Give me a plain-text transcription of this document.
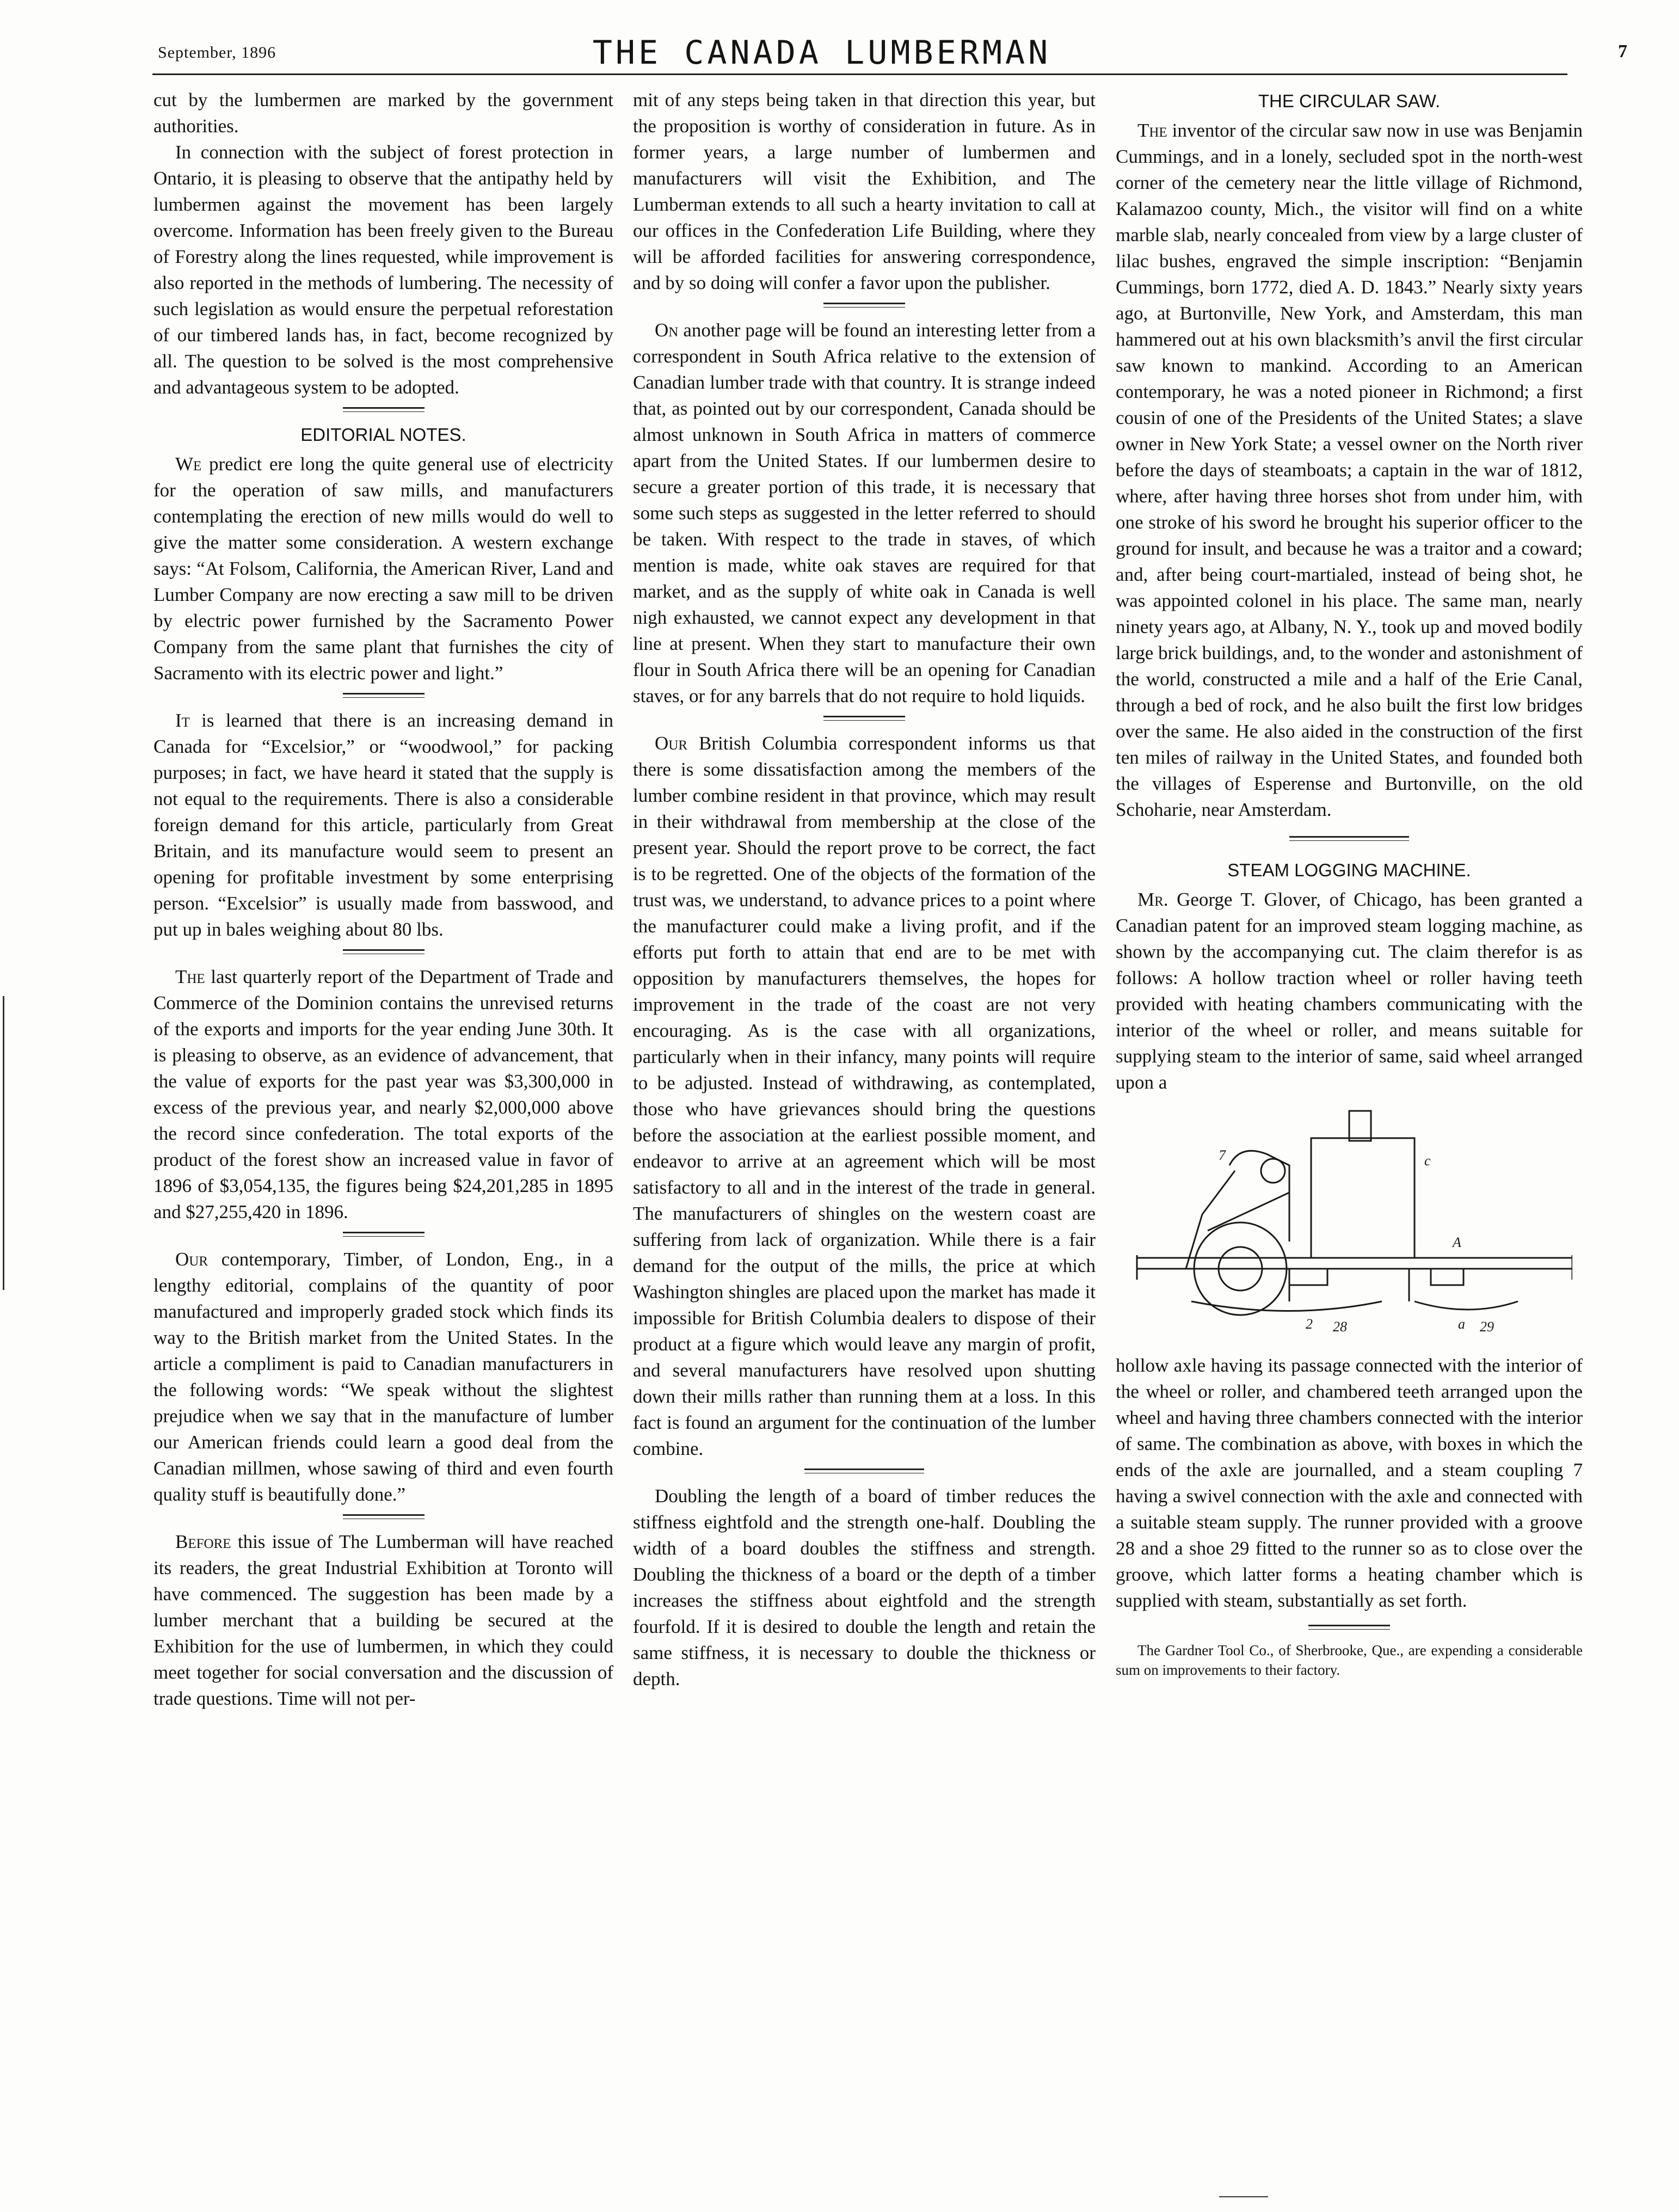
September, 1896	THE CANADA LUMBERMAN	7

cut by the lumbermen are marked by the government authorities.

In connection with the subject of forest protection in Ontario, it is pleasing to observe that the antipathy held by lumbermen against the movement has been largely overcome. Information has been freely given to the Bureau of Forestry along the lines requested, while improvement is also reported in the methods of lumbering. The necessity of such legislation as would ensure the perpetual reforestation of our timbered lands has, in fact, become recognized by all. The question to be solved is the most comprehensive and advantageous system to be adopted.

EDITORIAL NOTES.

We predict ere long the quite general use of electricity for the operation of saw mills, and manufacturers contemplating the erection of new mills would do well to give the matter some consideration. A western exchange says: “At Folsom, California, the American River, Land and Lumber Company are now erecting a saw mill to be driven by electric power furnished by the Sacramento Power Company from the same plant that furnishes the city of Sacramento with its electric power and light.”

It is learned that there is an increasing demand in Canada for “Excelsior,” or “woodwool,” for packing purposes; in fact, we have heard it stated that the supply is not equal to the requirements. There is also a considerable foreign demand for this article, particularly from Great Britain, and its manufacture would seem to present an opening for profitable investment by some enterprising person. “Excelsior” is usually made from basswood, and put up in bales weighing about 80 lbs.

The last quarterly report of the Department of Trade and Commerce of the Dominion contains the unrevised returns of the exports and imports for the year ending June 30th. It is pleasing to observe, as an evidence of advancement, that the value of exports for the past year was $3,300,000 in excess of the previous year, and nearly $2,000,000 above the record since confederation. The total exports of the product of the forest show an increased value in favor of 1896 of $3,054,135, the figures being $24,201,285 in 1895 and $27,255,420 in 1896.

Our contemporary, Timber, of London, Eng., in a lengthy editorial, complains of the quantity of poor manufactured and improperly graded stock which finds its way to the British market from the United States. In the article a compliment is paid to Canadian manufacturers in the following words: “We speak without the slightest prejudice when we say that in the manufacture of lumber our American friends could learn a good deal from the Canadian millmen, whose sawing of third and even fourth quality stuff is beautifully done.”

Before this issue of The Lumberman will have reached its readers, the great Industrial Exhibition at Toronto will have commenced. The suggestion has been made by a lumber merchant that a building be secured at the Exhibition for the use of lumbermen, in which they could meet together for social conversation and the discussion of trade questions. Time will not per-

mit of any steps being taken in that direction this year, but the proposition is worthy of consideration in future. As in former years, a large number of lumbermen and manufacturers will visit the Exhibition, and The Lumberman extends to all such a hearty invitation to call at our offices in the Confederation Life Building, where they will be afforded facilities for answering correspondence, and by so doing will confer a favor upon the publisher.

On another page will be found an interesting letter from a correspondent in South Africa relative to the extension of Canadian lumber trade with that country. It is strange indeed that, as pointed out by our correspondent, Canada should be almost unknown in South Africa in matters of commerce apart from the United States. If our lumbermen desire to secure a greater portion of this trade, it is necessary that some such steps as suggested in the letter referred to should be taken. With respect to the trade in staves, of which mention is made, white oak staves are required for that market, and as the supply of white oak in Canada is well nigh exhausted, we cannot expect any development in that line at present. When they start to manufacture their own flour in South Africa there will be an opening for Canadian staves, or for any barrels that do not require to hold liquids.

Our British Columbia correspondent informs us that there is some dissatisfaction among the members of the lumber combine resident in that province, which may result in their withdrawal from membership at the close of the present year. Should the report prove to be correct, the fact is to be regretted. One of the objects of the formation of the trust was, we understand, to advance prices to a point where the manufacturer could make a living profit, and if the efforts put forth to attain that end are to be met with opposition by manufacturers themselves, the hopes for improvement in the trade of the coast are not very encouraging. As is the case with all organizations, particularly when in their infancy, many points will require to be adjusted. Instead of withdrawing, as contemplated, those who have grievances should bring the questions before the association at the earliest possible moment, and endeavor to arrive at an agreement which will be most satisfactory to all and in the interest of the trade in general. The manufacturers of shingles on the western coast are suffering from lack of organization. While there is a fair demand for the output of the mills, the price at which Washington shingles are placed upon the market has made it impossible for British Columbia dealers to dispose of their product at a figure which would leave any margin of profit, and several manufacturers have resolved upon shutting down their mills rather than running them at a loss. In this fact is found an argument for the continuation of the lumber combine.

Doubling the length of a board of timber reduces the stiffness eightfold and the strength one-half. Doubling the width of a board doubles the stiffness and strength. Doubling the thickness of a board or the depth of a timber increases the stiffness about eightfold and the strength fourfold. If it is desired to double the length and retain the same stiffness, it is necessary to double the thickness or depth.

THE CIRCULAR SAW.

The inventor of the circular saw now in use was Benjamin Cummings, and in a lonely, secluded spot in the north-west corner of the cemetery near the little village of Richmond, Kalamazoo county, Mich., the visitor will find on a white marble slab, nearly concealed from view by a large cluster of lilac bushes, engraved the simple inscription: “Benjamin Cummings, born 1772, died A. D. 1843.” Nearly sixty years ago, at Burtonville, New York, and Amsterdam, this man hammered out at his own blacksmith’s anvil the first circular saw known to mankind. According to an American contemporary, he was a noted pioneer in Richmond; a first cousin of one of the Presidents of the United States; a slave owner in New York State; a vessel owner on the North river before the days of steamboats; a captain in the war of 1812, where, after having three horses shot from under him, with one stroke of his sword he brought his superior officer to the ground for insult, and because he was a traitor and a coward; and, after being court-martialed, instead of being shot, he was appointed colonel in his place. The same man, nearly ninety years ago, at Albany, N. Y., took up and moved bodily large brick buildings, and, to the wonder and astonishment of the world, constructed a mile and a half of the Erie Canal, through a bed of rock, and he also built the first low bridges over the same. He also aided in the construction of the first ten miles of railway in the United States, and founded both the villages of Esperense and Burtonville, on the old Schoharie, near Amsterdam.

STEAM LOGGING MACHINE.

Mr. George T. Glover, of Chicago, has been granted a Canadian patent for an improved steam logging machine, as shown by the accompanying cut. The claim therefor is as follows: A hollow traction wheel or roller having teeth provided with heating chambers communicating with the interior of the wheel or roller, and means suitable for supplying steam to the interior of same, said wheel arranged upon a

7	c
A
2	a
28	29

hollow axle having its passage connected with the interior of the wheel or roller, and chambered teeth arranged upon the wheel and having three chambers connected with the interior of same. The combination as above, with boxes in which the ends of the axle are journalled, and a steam coupling 7 having a swivel connection with the axle and connected with a suitable steam supply. The runner provided with a groove 28 and a shoe 29 fitted to the runner so as to close over the groove, which latter forms a heating chamber which is supplied with steam, substantially as set forth.

The Gardner Tool Co., of Sherbrooke, Que., are expending a considerable sum on improvements to their factory.
